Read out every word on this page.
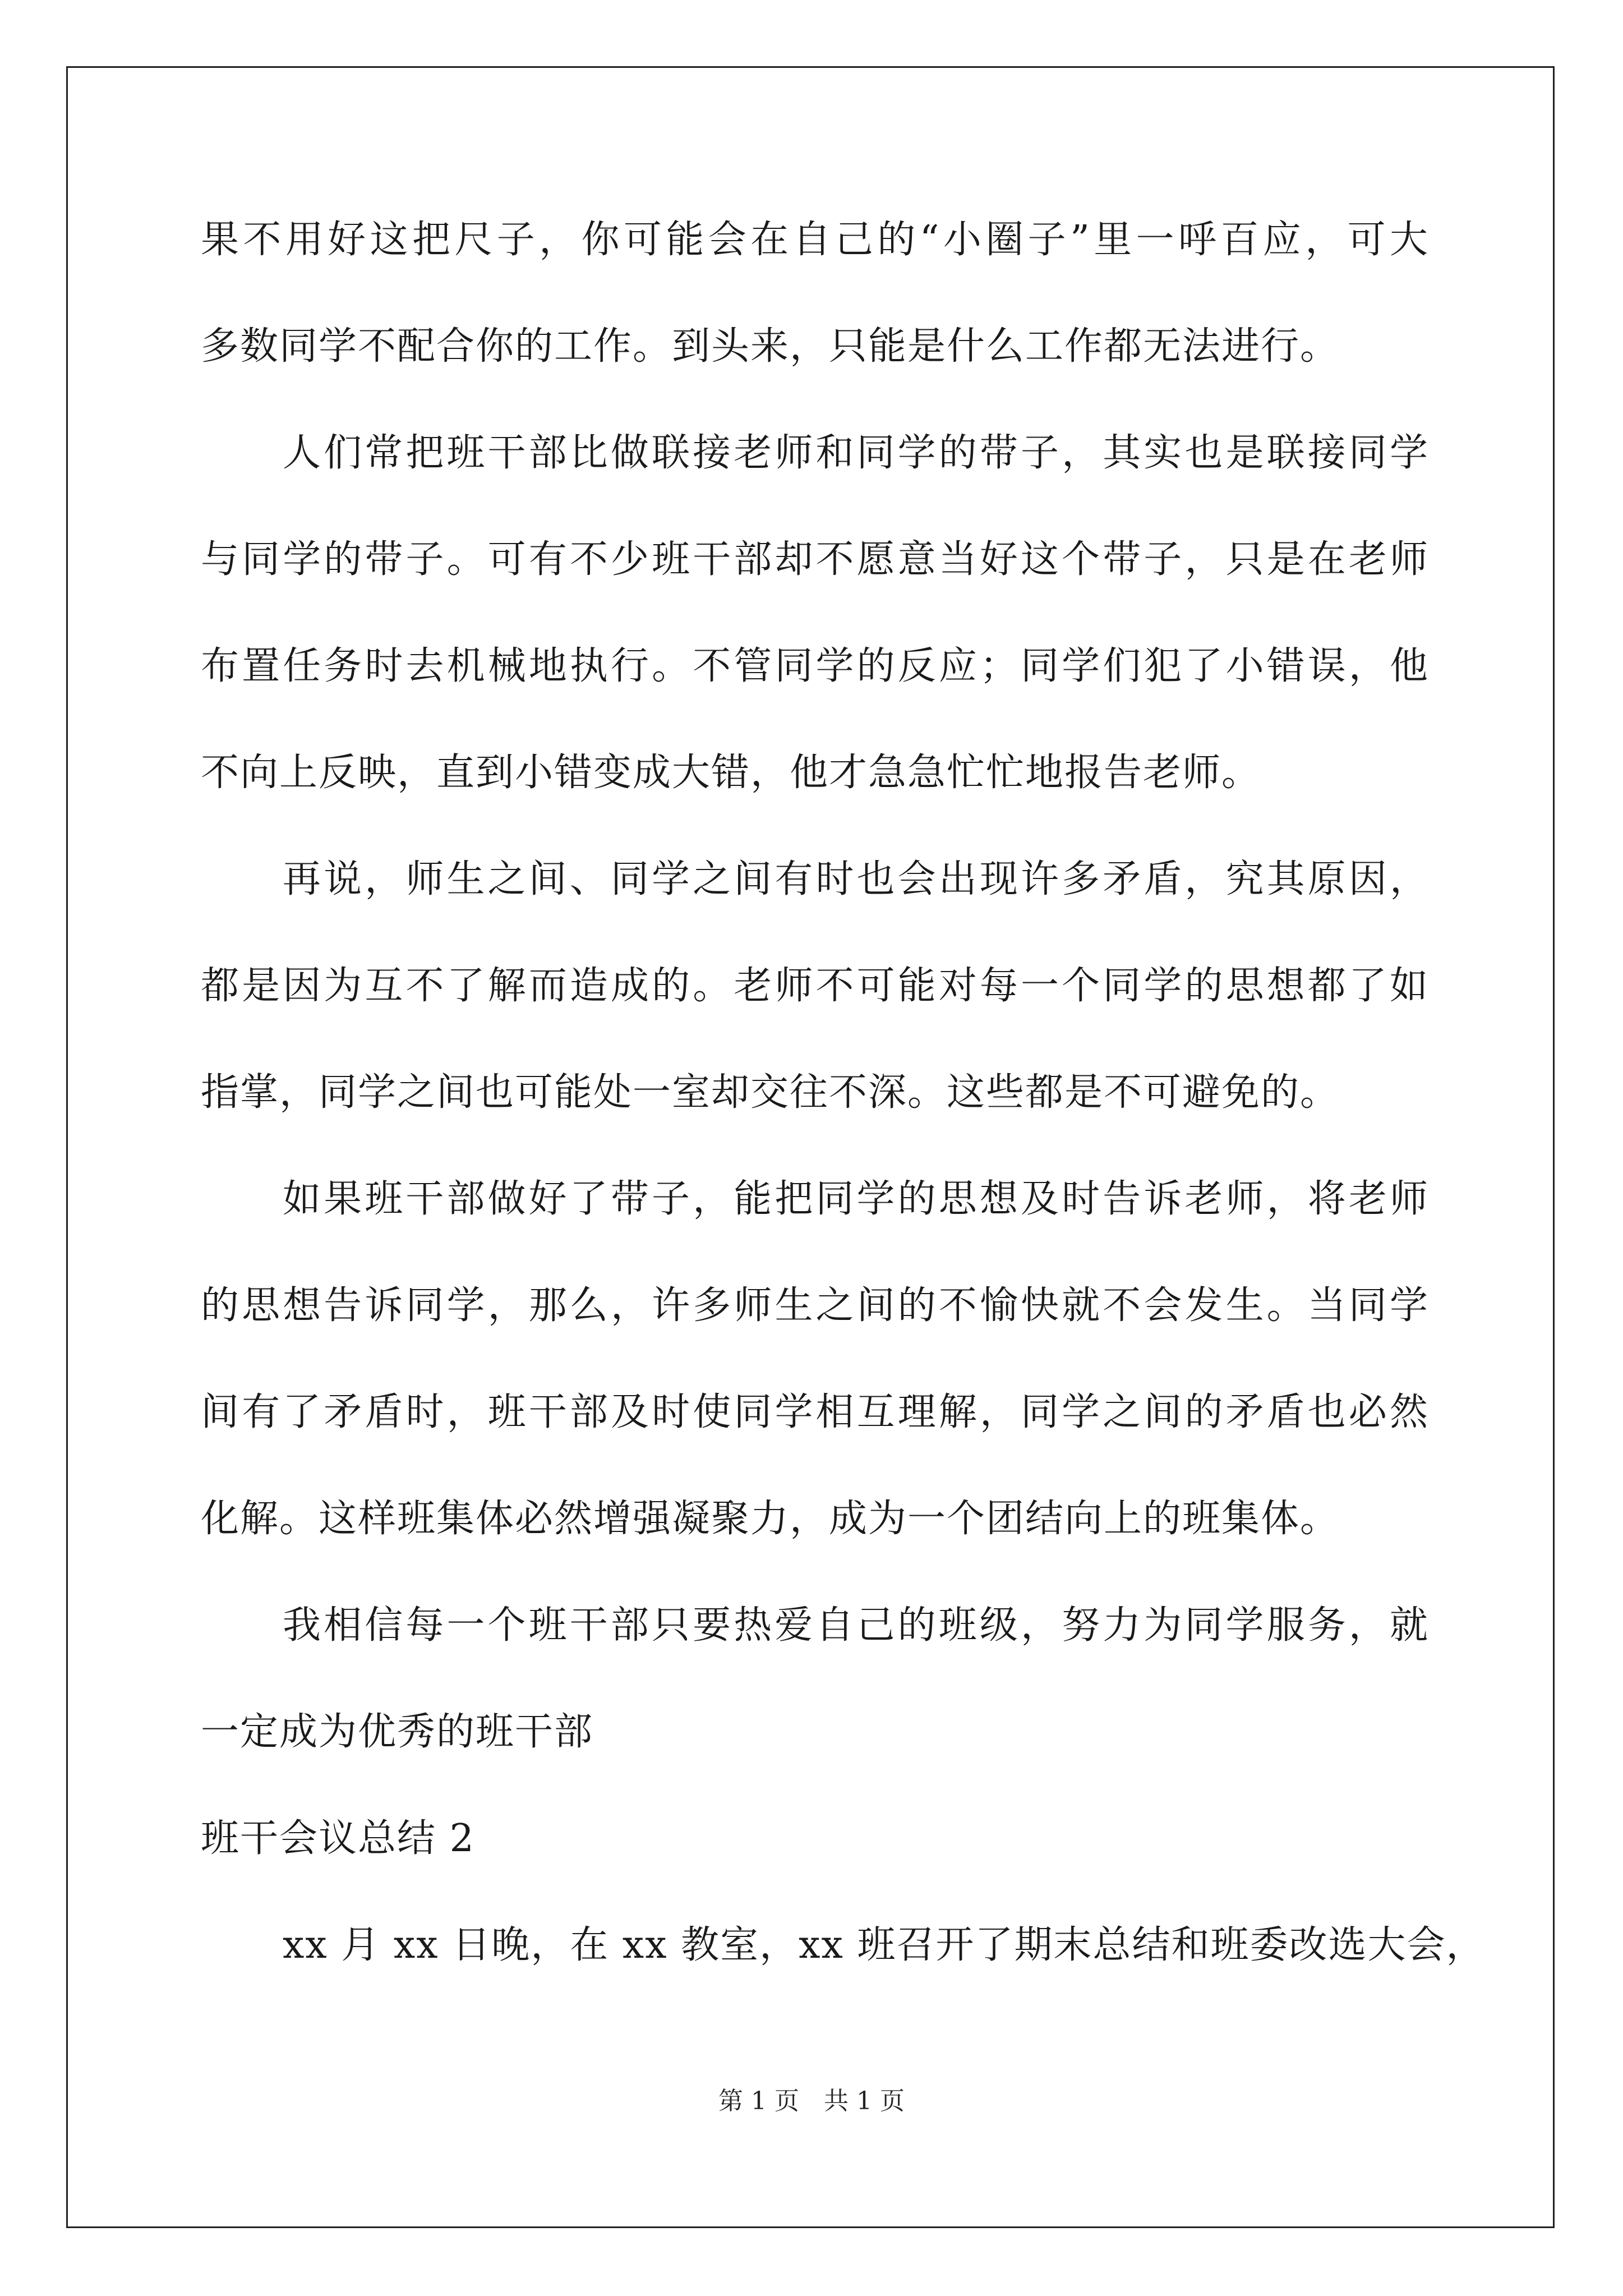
果不用好这把尺子，你可能会在自己的“小圈子”里一呼百应，可大
多数同学不配合你的工作。到头来，只能是什么工作都无法进行。
人们常把班干部比做联接老师和同学的带子，其实也是联接同学
与同学的带子。可有不少班干部却不愿意当好这个带子，只是在老师
布置任务时去机械地执行。不管同学的反应；同学们犯了小错误，他
不向上反映，直到小错变成大错，他才急急忙忙地报告老师。
再说，师生之间、同学之间有时也会出现许多矛盾，究其原因，
都是因为互不了解而造成的。老师不可能对每一个同学的思想都了如
指掌，同学之间也可能处一室却交往不深。这些都是不可避免的。
如果班干部做好了带子，能把同学的思想及时告诉老师，将老师
的思想告诉同学，那么，许多师生之间的不愉快就不会发生。当同学
间有了矛盾时，班干部及时使同学相互理解，同学之间的矛盾也必然
化解。这样班集体必然增强凝聚力，成为一个团结向上的班集体。
我相信每一个班干部只要热爱自己的班级，努力为同学服务，就
一定成为优秀的班干部
班干会议总结 2
xx 月 xx 日晚，在 xx 教室，xx 班召开了期末总结和班委改选大会，
第 1 页　共 1 页
